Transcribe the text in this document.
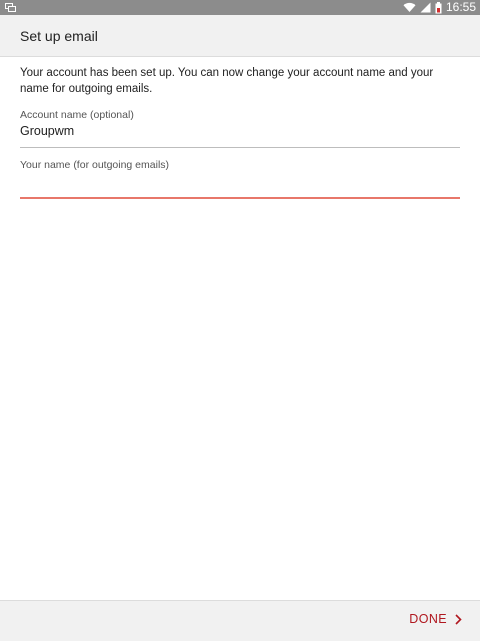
16:55
Set up email

Your account has been set up. You can now change your account name and your name for outgoing emails.

Account name (optional)
Groupwm
Your name (for outgoing emails)
DONE
